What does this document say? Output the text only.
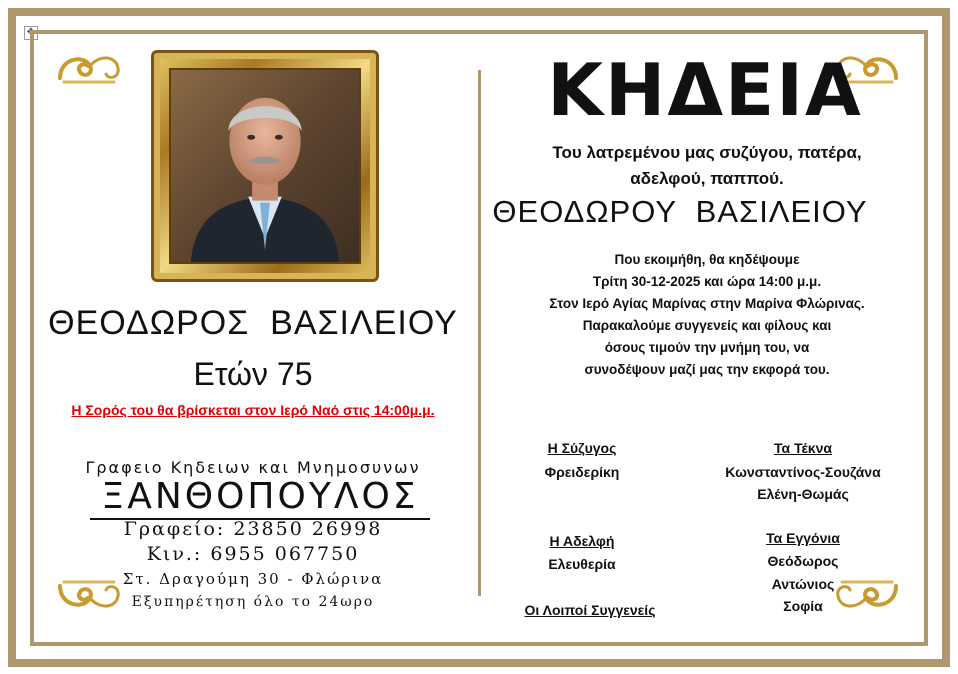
✥
ΘΕΟΔΩΡΟΣ  ΒΑΣΙΛΕΙΟΥ
Ετών 75
Η Σορός του θα βρίσκεται στον Ιερό Ναό στις 14:00μ.μ.
Γραφειο Κηδειων και Μνημοσυνων
ΞΑΝΘΟΠΟΥΛΟΣ
Γραφείο: 23850 26998
Κιν.: 6955 067750
Στ. Δραγούμη 30 - Φλώρινα
Εξυπηρέτηση όλο το 24ωρο
ΚΗΔΕΙΑ
Του λατρεμένου μας συζύγου, πατέρα,
αδελφού, παππού.
ΘΕΟΔΩΡΟΥ  ΒΑΣΙΛΕΙΟΥ
Που εκοιμήθη, θα κηδέψουμε
Τρίτη 30-12-2025 και ώρα 14:00 μ.μ.
Στον Ιερό Αγίας Μαρίνας στην Μαρίνα Φλώρινας.
Παρακαλούμε συγγενείς και φίλους και
όσους τιμούν την μνήμη του, να
συνοδέψουν μαζί μας την εκφορά του.
Η Σύζυγος
Φρειδερίκη
Τα Τέκνα
Κωνσταντίνος-Σουζάνα
Ελένη-Θωμάς
Η Αδελφή
Ελευθερία
Τα Εγγόνια
Θεόδωρος
Αντώνιος
Σοφία
Οι Λοιποί Συγγενείς
